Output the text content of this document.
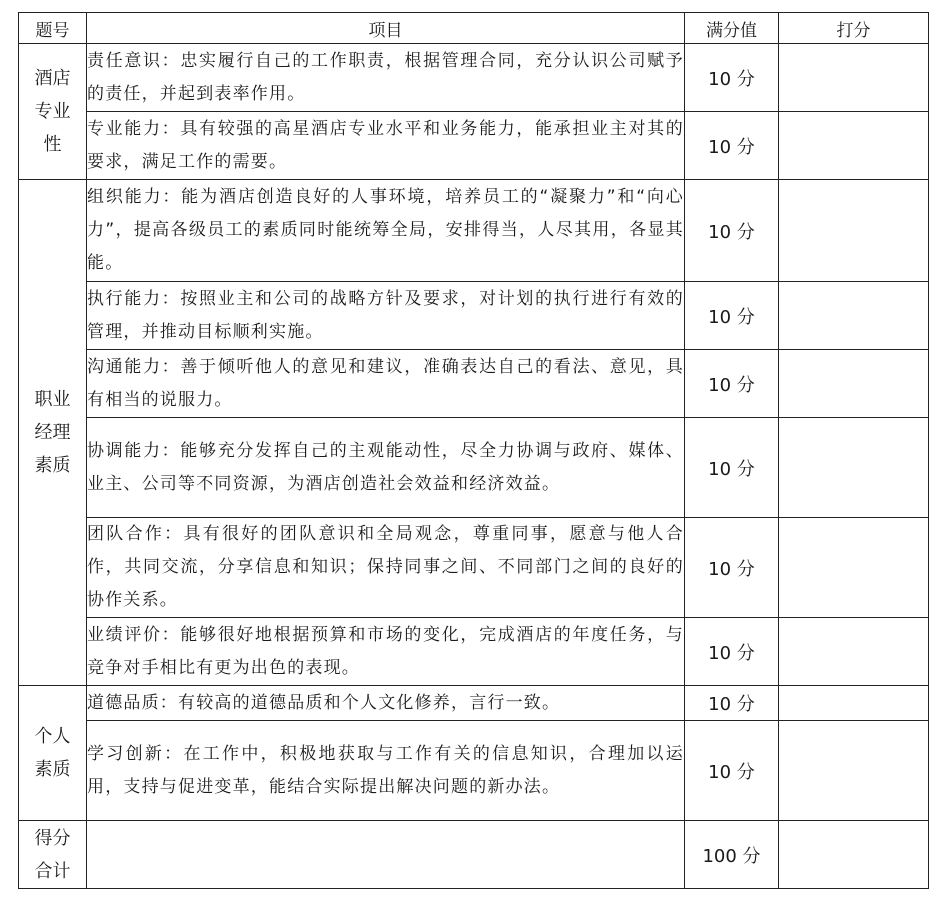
题号	项目	满分值	打分

酒店
专业
性	责任意识：忠实履行自己的工作职责，根据管理合同，充分认识公司赋予的责任，并起到表率作用。	10 分	
	专业能力：具有较强的高星酒店专业水平和业务能力，能承担业主对其的要求，满足工作的需要。	10 分	

职业
经理
素质	组织能力：能为酒店创造良好的人事环境，培养员工的“凝聚力”和“向心力”，提高各级员工的素质同时能统筹全局，安排得当，人尽其用，各显其能。	10 分	
	执行能力：按照业主和公司的战略方针及要求，对计划的执行进行有效的管理，并推动目标顺利实施。	10 分	
	沟通能力：善于倾听他人的意见和建议，准确表达自己的看法、意见，具有相当的说服力。	10 分	
	协调能力：能够充分发挥自己的主观能动性，尽全力协调与政府、媒体、业主、公司等不同资源，为酒店创造社会效益和经济效益。	10 分	
	团队合作：具有很好的团队意识和全局观念，尊重同事，愿意与他人合作，共同交流，分享信息和知识；保持同事之间、不同部门之间的良好的协作关系。	10 分	
	业绩评价：能够很好地根据预算和市场的变化，完成酒店的年度任务，与竞争对手相比有更为出色的表现。	10 分	

个人
素质	道德品质：有较高的道德品质和个人文化修养，言行一致。	10 分	
	学习创新：在工作中，积极地获取与工作有关的信息知识，合理加以运用，支持与促进变革，能结合实际提出解决问题的新办法。	10 分	

得分
合计		100 分	
